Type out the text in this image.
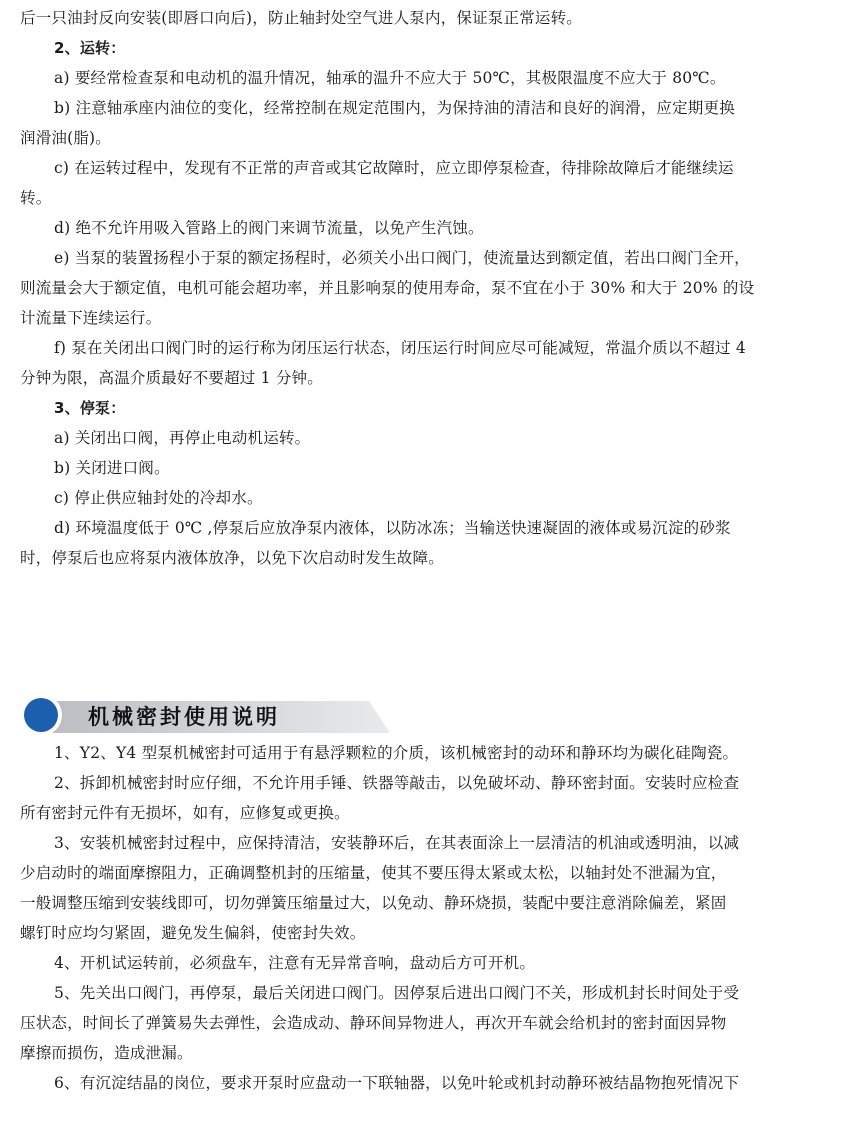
后一只油封反向安装(即唇口向后)，防止轴封处空气进人泵内，保证泵正常运转。
2、运转：
a) 要经常检查泵和电动机的温升情况，轴承的温升不应大于 50℃，其极限温度不应大于 80℃。
b) 注意轴承座内油位的变化，经常控制在规定范围内，为保持油的清洁和良好的润滑，应定期更换
润滑油(脂)。
c) 在运转过程中，发现有不正常的声音或其它故障时，应立即停泵检查，待排除故障后才能继续运
转。
d) 绝不允许用吸入管路上的阀门来调节流量，以免产生汽蚀。
e) 当泵的装置扬程小于泵的额定扬程时，必须关小出口阀门，使流量达到额定值，若出口阀门全开，
则流量会大于额定值，电机可能会超功率，并且影响泵的使用寿命，泵不宜在小于 30% 和大于 20% 的设
计流量下连续运行。
f) 泵在关闭出口阀门时的运行称为闭压运行状态，闭压运行时间应尽可能减短，常温介质以不超过 4
分钟为限，高温介质最好不要超过 1 分钟。
3、停泵：
a) 关闭出口阀，再停止电动机运转。
b) 关闭进口阀。
c) 停止供应轴封处的冷却水。
d) 环境温度低于 0℃ ,停泵后应放净泵内液体，以防冰冻；当输送快速凝固的液体或易沉淀的砂浆
时，停泵后也应将泵内液体放净，以免下次启动时发生故障。
机械密封使用说明
1、Y2、Y4 型泵机械密封可适用于有悬浮颗粒的介质，该机械密封的动环和静环均为碳化硅陶瓷。
2、拆卸机械密封时应仔细，不允许用手锤、铁器等敲击，以免破坏动、静环密封面。安装时应检查
所有密封元件有无损坏，如有，应修复或更换。
3、安装机械密封过程中，应保持清洁，安装静环后，在其表面涂上一层清洁的机油或透明油，以减
少启动时的端面摩擦阻力，正确调整机封的压缩量，使其不要压得太紧或太松，以轴封处不泄漏为宜，
一般调整压缩到安装线即可，切勿弹簧压缩量过大，以免动、静环烧损，装配中要注意消除偏差，紧固
螺钉时应均匀紧固，避免发生偏斜，使密封失效。
4、开机试运转前，必须盘车，注意有无异常音响，盘动后方可开机。
5、先关出口阀门，再停泵，最后关闭进口阀门。因停泵后进出口阀门不关，形成机封长时间处于受
压状态，时间长了弹簧易失去弹性，会造成动、静环间异物进人，再次开车就会给机封的密封面因异物
摩擦而损伤，造成泄漏。
6、有沉淀结晶的岗位，要求开泵时应盘动一下联轴器，以免叶轮或机封动静环被结晶物抱死情况下
